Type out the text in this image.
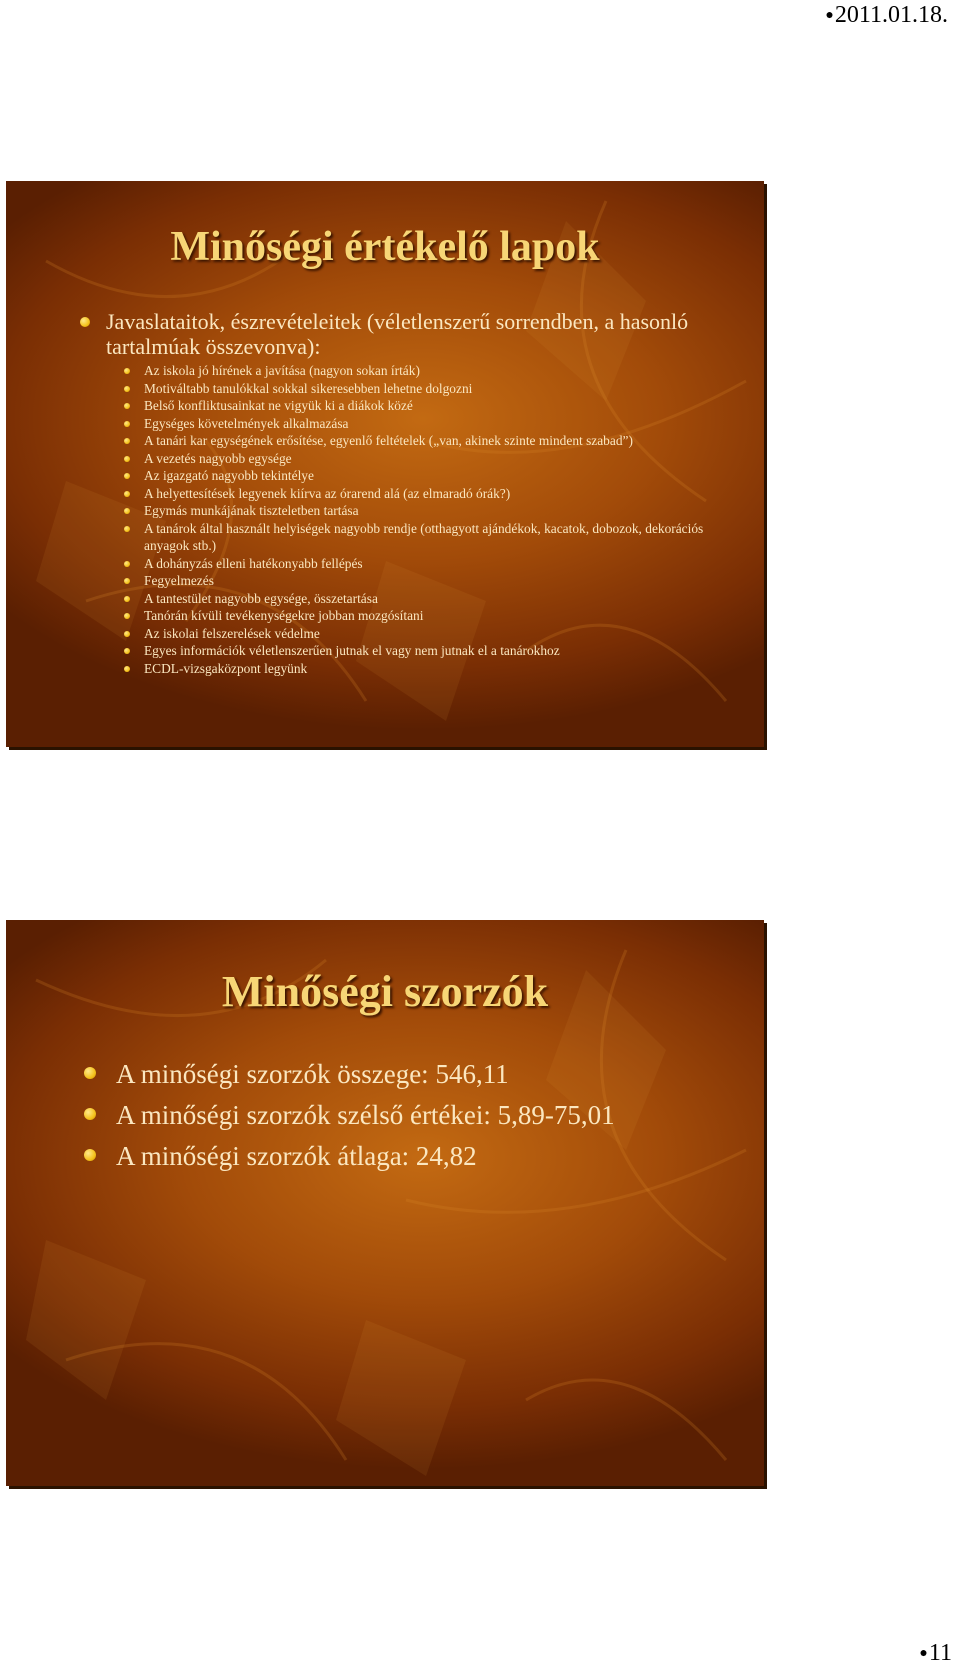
●2011.01.18.
Minőségi értékelő lapok
Javaslataitok, észrevételeitek (véletlenszerű sorrendben, a hasonló tartalmúak összevonva):
Az iskola jó hírének a javítása (nagyon sokan írták)
Motiváltabb tanulókkal sokkal sikeresebben lehetne dolgozni
Belső konfliktusainkat ne vigyük ki a diákok közé
Egységes követelmények alkalmazása
A tanári kar egységének erősítése, egyenlő feltételek („van, akinek szinte mindent szabad”)
A vezetés nagyobb egysége
Az igazgató nagyobb tekintélye
A helyettesítések legyenek kiírva az órarend alá (az elmaradó órák?)
Egymás munkájának tiszteletben tartása
A tanárok által használt helyiségek nagyobb rendje (otthagyott ajándékok, kacatok, dobozok, dekorációs anyagok stb.)
A dohányzás elleni hatékonyabb fellépés
Fegyelmezés
A tantestület nagyobb egysége, összetartása
Tanórán kívüli tevékenységekre jobban mozgósítani
Az iskolai felszerelések védelme
Egyes információk véletlenszerűen jutnak el vagy nem jutnak el a tanárokhoz
ECDL-vizsgaközpont legyünk
Minőségi szorzók
A minőségi szorzók összege: 546,11
A minőségi szorzók szélső értékei: 5,89-75,01
A minőségi szorzók átlaga: 24,82
●11
